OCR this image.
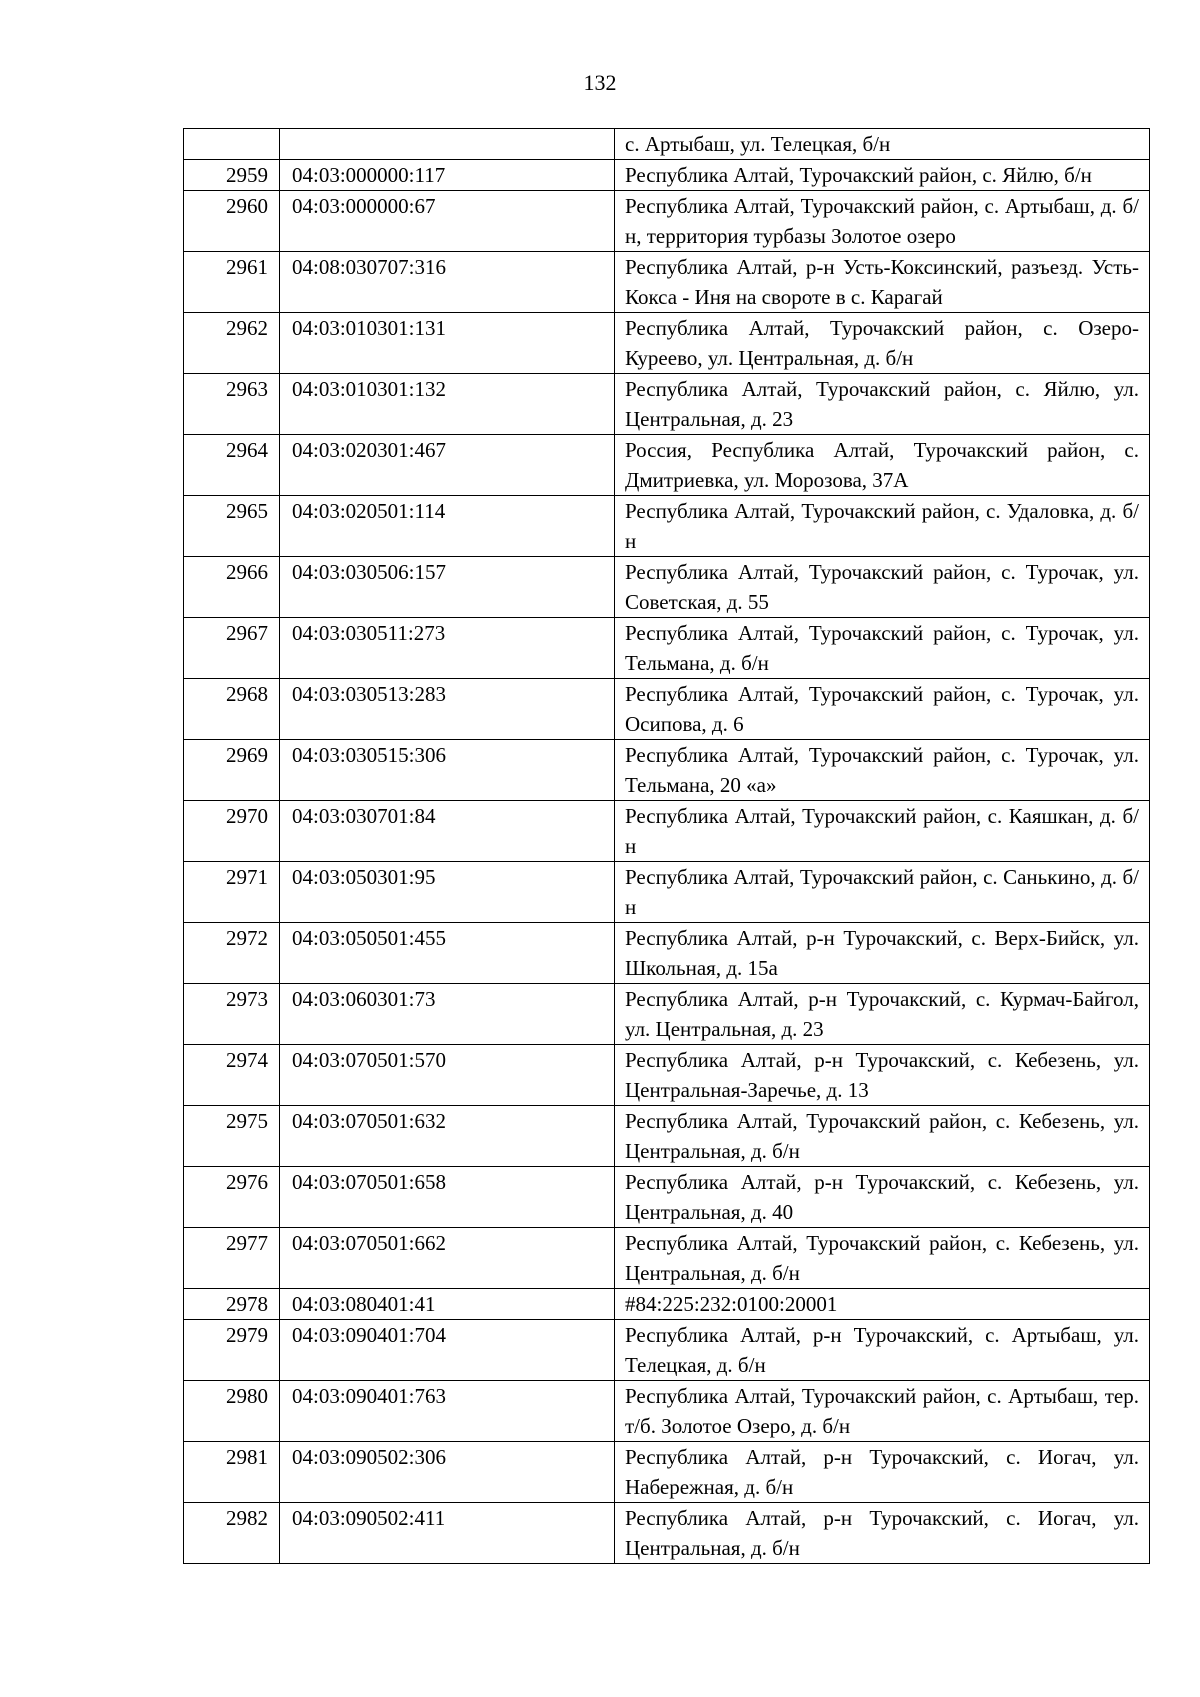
132
		с. Артыбаш, ул. Телецкая, б/н
2959	04:03:000000:117	Республика Алтай, Турочакский район, с. Яйлю, б/н
2960	04:03:000000:67	Республика Алтай, Турочакский район, с. Артыбаш, д. б/н, территория турбазы Золотое озеро
2961	04:08:030707:316	Республика Алтай, р-н Усть-Коксинский, разъезд. Усть-Кокса - Иня на свороте в с. Карагай
2962	04:03:010301:131	Республика Алтай, Турочакский район, с. Озеро-Куреево, ул. Центральная, д. б/н
2963	04:03:010301:132	Республика Алтай, Турочакский район, с. Яйлю, ул. Центральная, д. 23
2964	04:03:020301:467	Россия, Республика Алтай, Турочакский район, с. Дмитриевка, ул. Морозова, 37А
2965	04:03:020501:114	Республика Алтай, Турочакский район, с. Удаловка, д. б/н
2966	04:03:030506:157	Республика Алтай, Турочакский район, с. Турочак, ул. Советская, д. 55
2967	04:03:030511:273	Республика Алтай, Турочакский район, с. Турочак, ул. Тельмана, д. б/н
2968	04:03:030513:283	Республика Алтай, Турочакский район, с. Турочак, ул. Осипова, д. 6
2969	04:03:030515:306	Республика Алтай, Турочакский район, с. Турочак, ул. Тельмана, 20 «а»
2970	04:03:030701:84	Республика Алтай, Турочакский район, с. Каяшкан, д. б/н
2971	04:03:050301:95	Республика Алтай, Турочакский район, с. Санькино, д. б/н
2972	04:03:050501:455	Республика Алтай, р-н Турочакский, с. Верх-Бийск, ул. Школьная, д. 15а
2973	04:03:060301:73	Республика Алтай, р-н Турочакский, с. Курмач-Байгол, ул. Центральная, д. 23
2974	04:03:070501:570	Республика Алтай, р-н Турочакский, с. Кебезень, ул. Центральная-Заречье, д. 13
2975	04:03:070501:632	Республика Алтай, Турочакский район, с. Кебезень, ул. Центральная, д. б/н
2976	04:03:070501:658	Республика Алтай, р-н Турочакский, с. Кебезень, ул. Центральная, д. 40
2977	04:03:070501:662	Республика Алтай, Турочакский район, с. Кебезень, ул. Центральная, д. б/н
2978	04:03:080401:41	#84:225:232:0100:20001
2979	04:03:090401:704	Республика Алтай, р-н Турочакский, с. Артыбаш, ул. Телецкая, д. б/н
2980	04:03:090401:763	Республика Алтай, Турочакский район, с. Артыбаш, тер. т/б. Золотое Озеро, д. б/н
2981	04:03:090502:306	Республика Алтай, р-н Турочакский, с. Иогач, ул. Набережная, д. б/н
2982	04:03:090502:411	Республика Алтай, р-н Турочакский, с. Иогач, ул. Центральная, д. б/н
